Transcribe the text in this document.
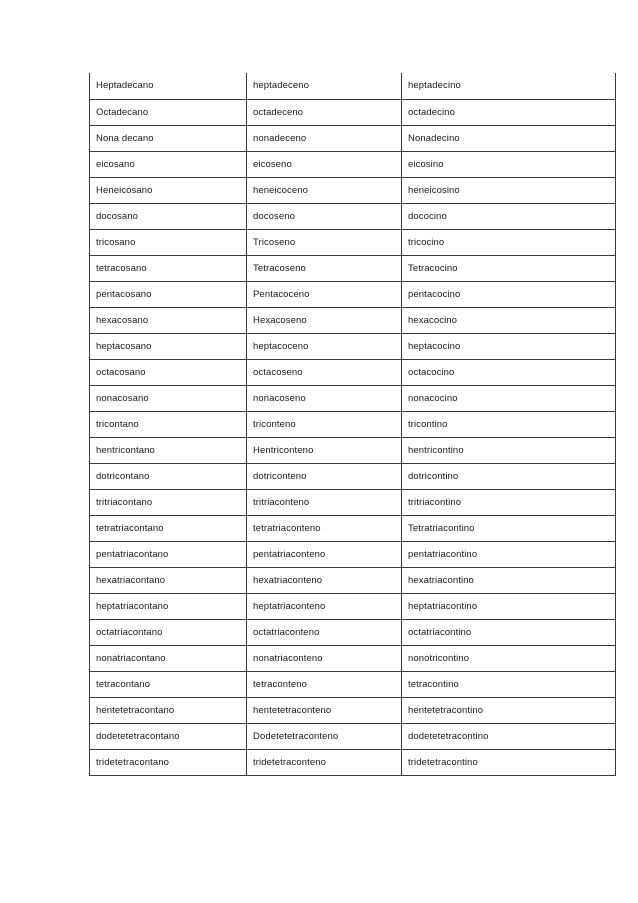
Heptadecano	heptadeceno	heptadecino
Octadecano	octadeceno	octadecino
Nona decano	nonadeceno	Nonadecino
eicosano	eicoseno	eicosino
Heneicosano	heneicoceno	heneicosino
docosano	docoseno	dococino
tricosano	Tricoseno	tricocino
tetracosano	Tetracoseno	Tetracocino
pentacosano	Pentacoceno	pentacocino
hexacosano	Hexacoseno	hexacocino
heptacosano	heptacoceno	heptacocino
octacosano	octacoseno	octacocino
nonacosano	nonacoseno	nonacocino
tricontano	triconteno	tricontino
hentricontano	Hentriconteno	hentricontino
dotricontano	dotriconteno	dotricontino
tritriacontano	tritriaconteno	tritriacontino
tetratriacontano	tetratriaconteno	Tetratriacontino
pentatriacontano	pentatriaconteno	pentatriacontino
hexatriacontano	hexatriaconteno	hexatriacontino
heptatriacontano	heptatriaconteno	heptatriacontino
octatriacontano	octatriaconteno	octatriacontino
nonatriacontano	nonatriaconteno	nonotricontino
tetracontano	tetraconteno	tetracontino
hentetetracontano	hentetetraconteno	hentetetracontino
dodetetetracontano	Dodetetetraconteno	dodetetetracontino
tridetetracontano	tridetetraconteno	tridetetracontino
